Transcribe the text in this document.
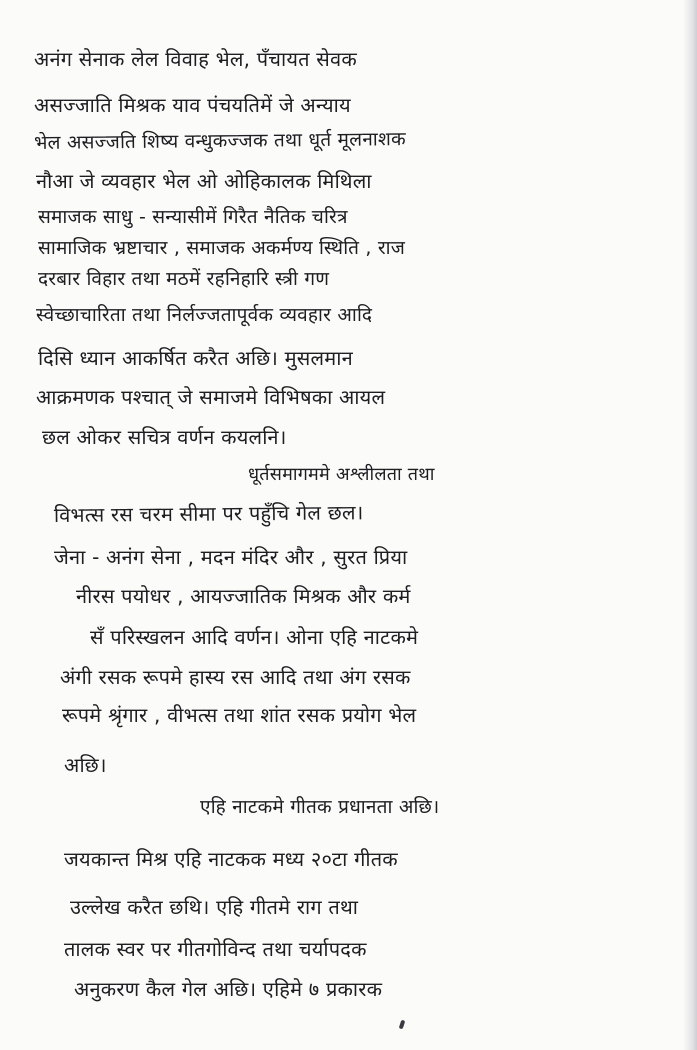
अनंग सेनाक लेल विवाह भेल, पँचायत सेवक
असज्जाति मिश्रक याव पंचयतिमें जे अन्याय
भेल असज्जति शिष्य वन्धुकज्जक तथा धूर्त मूलनाशक
नौआ जे व्यवहार भेल ओ ओहिकालक मिथिला
समाजक साधु - सन्यासीमें गिरैत नैतिक चरित्र
सामाजिक भ्रष्टाचार , समाजक अकर्मण्य स्थिति , राज
दरबार विहार तथा मठमें रहनिहारि स्त्री गण
स्वेच्छाचारिता तथा निर्लज्जतापूर्वक व्यवहार आदि
दिसि ध्यान आकर्षित करैत अछि। मुसलमान
आक्रमणक पश्चात् जे समाजमे विभिषका आयल
छल ओकर सचित्र वर्णन कयलनि।
धूर्तसमागममे अश्लीलता तथा
विभत्स रस चरम सीमा पर पहुँचि गेल छल।
जेना - अनंग सेना , मदन मंदिर और , सुरत प्रिया
नीरस पयोधर , आयज्जातिक मिश्रक और कर्म
सँ परिस्खलन आदि वर्णन। ओना एहि नाटकमे
अंगी रसक रूपमे हास्य रस आदि तथा अंग रसक
रूपमे श्रृंगार , वीभत्स तथा शांत रसक प्रयोग भेल
अछि।
एहि नाटकमे गीतक प्रधानता अछि।
जयकान्त मिश्र एहि नाटकक मध्य २०टा गीतक
उल्लेख करैत छथि। एहि गीतमे राग तथा
तालक स्वर पर गीतगोविन्द तथा चर्यापदक
अनुकरण कैल गेल अछि। एहिमे ७ प्रकारक
